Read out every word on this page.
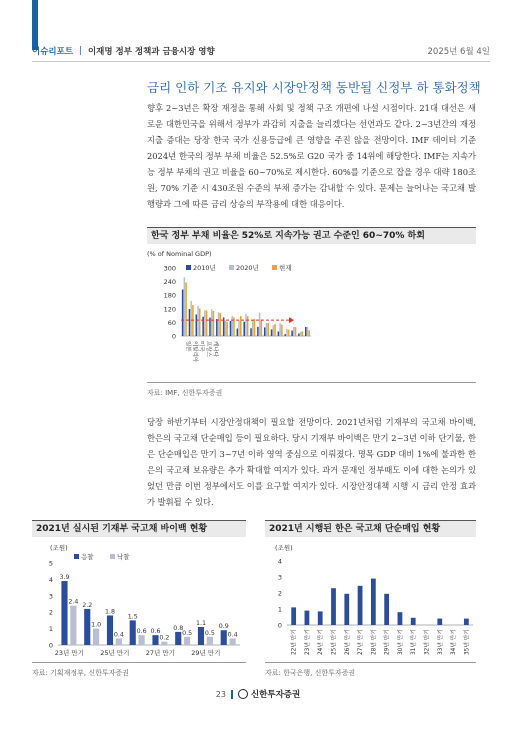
이슈리포트 | 이재명 정부 정책과 금융시장 영향	2025년 6월 4일
금리 인하 기조 유지와 시장안정책 동반될 신정부 하 통화정책
향후 2~3년은 확장 재정을 통해 사회 및 정책 구조 개편에 나설 시점이다. 21대 대선은 새로운 대한민국을 위해서 정부가 과감히 지출을 늘리겠다는 선언과도 같다. 2~3년간의 재정 지출 증대는 당장 한국 국가 신용등급에 큰 영향을 주진 않을 전망이다. IMF 데이터 기준 2024년 한국의 정부 부채 비율은 52.5%로 G20 국가 중 14위에 해당한다. IMF는 지속가능 정부 부채의 권고 비율을 60~70%로 제시한다. 60%를 기준으로 잡을 경우 대략 180조원, 70% 기준 시 430조원 수준의 부채 증가는 감내할 수 있다. 문제는 늘어나는 국고채 발행량과 그에 따른 금리 상승의 부작용에 대한 대응이다.
한국 정부 부채 비율은 52%로 지속가능 권고 수준인 60~70% 하회
(% of Nominal GDP)
0
60
120
180
240
300	2010년	2020년	현재
일본 이탈리아 미국 프랑스 캐나다
자료: IMF, 신한투자증권
당장 하반기부터 시장안정대책이 필요할 전망이다. 2021년처럼 기재부의 국고채 바이백, 한은의 국고채 단순매입 등이 필요하다. 당시 기재부 바이백은 만기 2~3년 이하 단기물, 한은 단순매입은 만기 3~7년 이하 영역 중심으로 이뤄졌다. 명목 GDP 대비 1%에 불과한 한은의 국고채 보유량은 추가 확대할 여지가 있다. 과거 문재인 정부때도 이에 대한 논의가 있었던 만큼 이번 정부에서도 이를 요구할 여지가 있다. 시장안정대책 시행 시 금리 안정 효과가 발휘될 수 있다.
2021년 실시된 기재부 국고채 바이백 현황
(조원)
0
1
2
3
4
5
응찰	낙찰
3.9
2.4
23년 만기
2.2
1.0
1.8
0.4
25년 만기
1.5
0.6 0.6
0.2
27년 만기
0.8
0.5
1.1
0.5
29년 만기
0.9
0.4
자료: 기획재정부, 신한투자증권
2021년 시행된 한은 국고채 단순매입 현황
(조원)
0
1
2
3
4
22년 만기	23년 만기	24년 만기	25년 만기	26년 만기	27년 만기	28년 만기	29년 만기	30년 만기	31년 만기	32년 만기	33년 만기	34년 만기	35년 만기
자료: 한국은행, 신한투자증권
23	신한투자증권
